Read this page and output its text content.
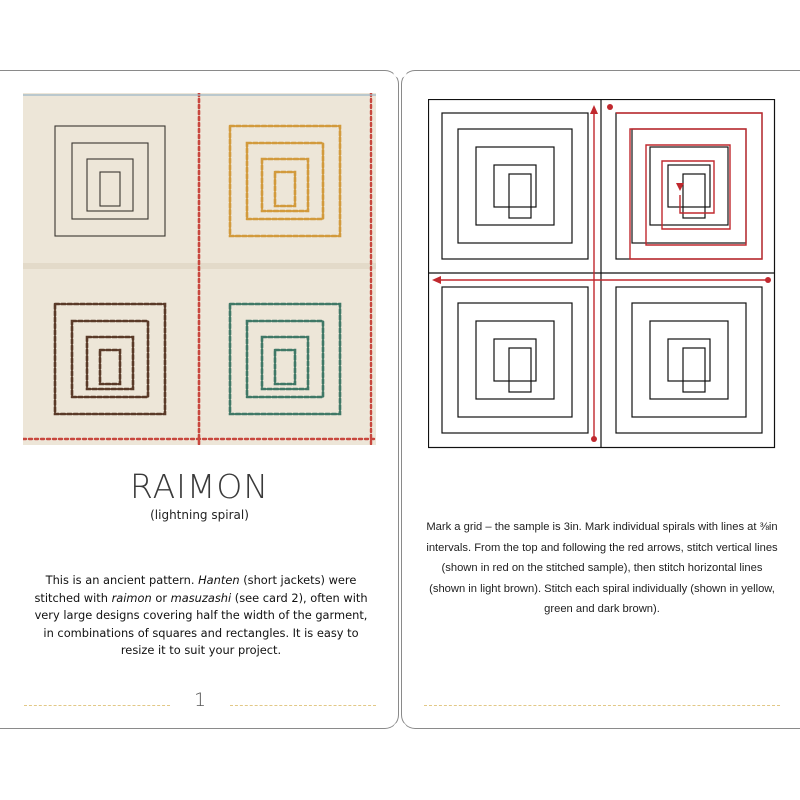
RAIMON
(lightning spiral)
This is an ancient pattern. Hanten (short jackets) were stitched with raimon or masuzashi (see card 2), often with very large designs covering half the width of the garment, in combinations of squares and rectangles. It is easy to resize it to suit your project.
1
Mark a grid – the sample is 3in. Mark individual spirals with lines at ⅜in intervals. From the top and following the red arrows, stitch vertical lines (shown in red on the stitched sample), then stitch horizontal lines (shown in light brown). Stitch each spiral individually (shown in yellow, green and dark brown).
